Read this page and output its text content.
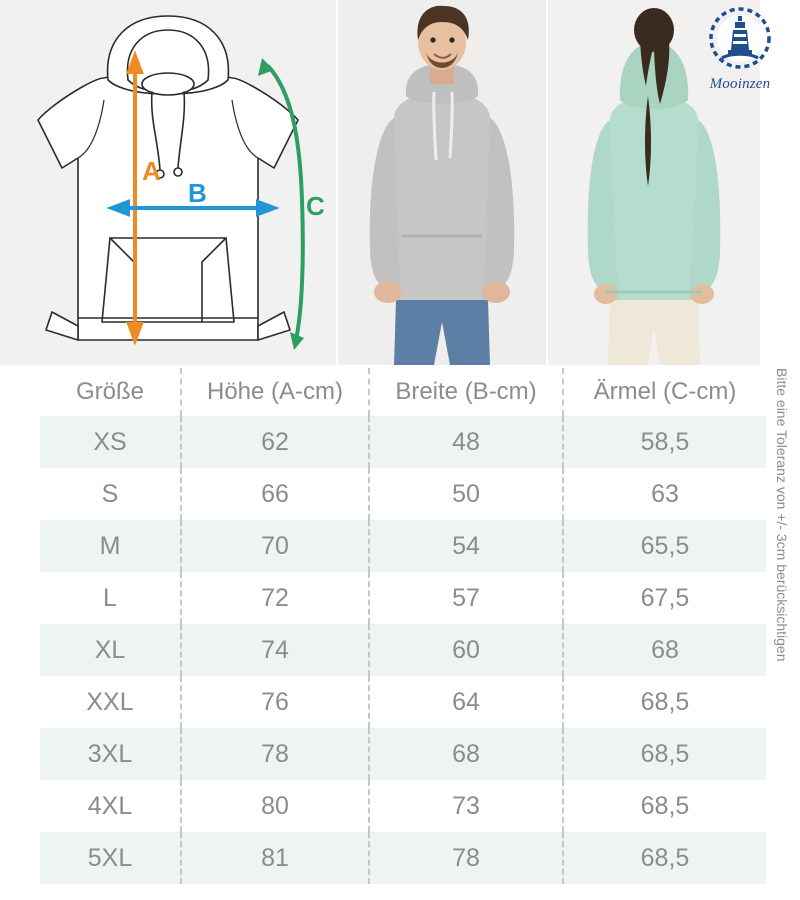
A
B	C
Mooinzen
Größe	Höhe (A-cm)	Breite (B-cm)	Ärmel (C-cm)
XS	62	48	58,5
S	66	50	63
M	70	54	65,5
L	72	57	67,5
XL	74	60	68
XXL	76	64	68,5
3XL	78	68	68,5
4XL	80	73	68,5
5XL	81	78	68,5
Bitte eine Toleranz von +/- 3cm berücksichtigen
